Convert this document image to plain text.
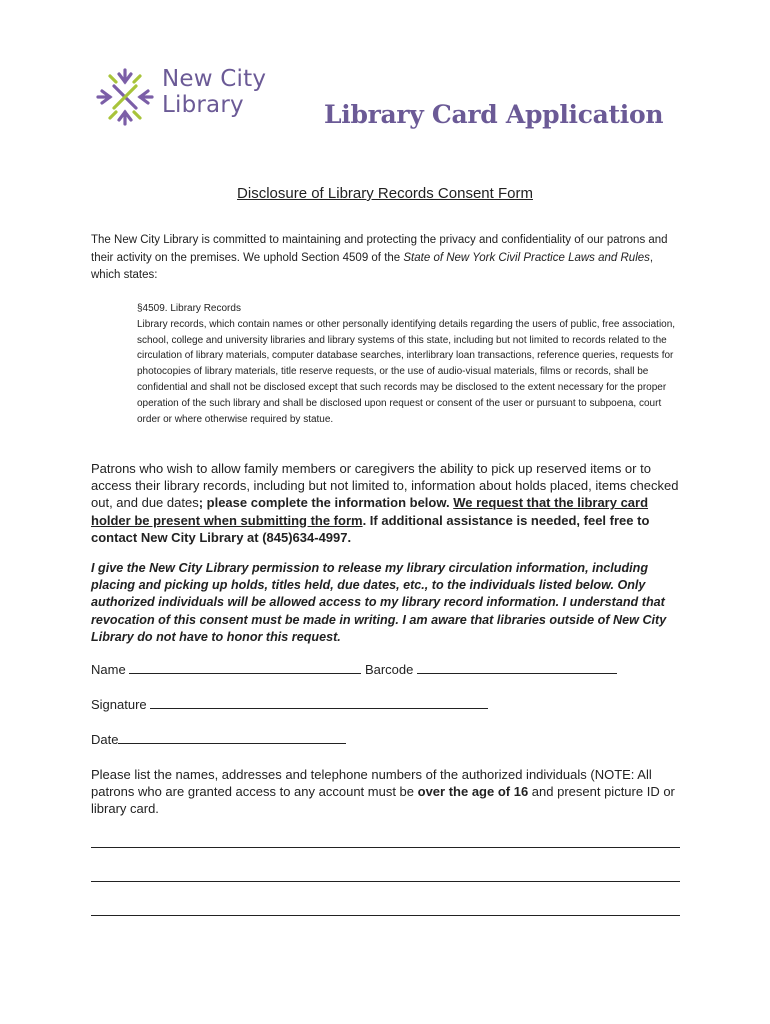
New City
Library	Library Card Application
Disclosure of Library Records Consent Form
The New City Library is committed to maintaining and protecting the privacy and confidentiality of our patrons and their activity on the premises. We uphold Section 4509 of the State of New York Civil Practice Laws and Rules, which states:
§4509. Library Records
Library records, which contain names or other personally identifying details regarding the users of public, free association, school, college and university libraries and library systems of this state, including but not limited to records related to the circulation of library materials, computer database searches, interlibrary loan transactions, reference queries, requests for photocopies of library materials, title reserve requests, or the use of audio-visual materials, films or records, shall be confidential and shall not be disclosed except that such records may be disclosed to the extent necessary for the proper operation of the such library and shall be disclosed upon request or consent of the user or pursuant to subpoena, court order or where otherwise required by statue.
Patrons who wish to allow family members or caregivers the ability to pick up reserved items or to access their library records, including but not limited to, information about holds placed, items checked out, and due dates; please complete the information below. We request that the library card holder be present when submitting the form. If additional assistance is needed, feel free to contact New City Library at (845)634-4997.
I give the New City Library permission to release my library circulation information, including placing and picking up holds, titles held, due dates, etc., to the individuals listed below. Only authorized individuals will be allowed access to my library record information. I understand that revocation of this consent must be made in writing. I am aware that libraries outside of New City Library do not have to honor this request.
Name	Barcode
Signature
Date
Please list the names, addresses and telephone numbers of the authorized individuals (NOTE: All patrons who are granted access to any account must be over the age of 16 and present picture ID or library card.
